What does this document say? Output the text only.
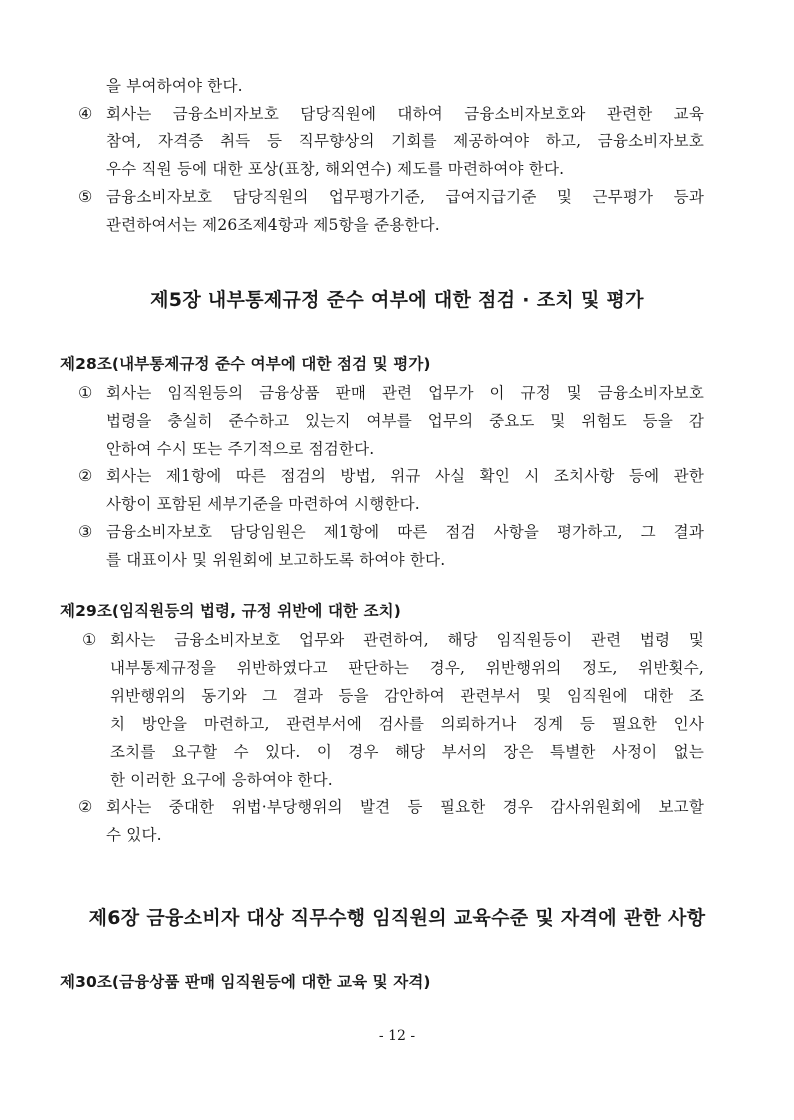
을 부여하여야 한다.
④ 회사는 금융소비자보호 담당직원에 대하여 금융소비자보호와 관련한 교육
참여, 자격증 취득 등 직무향상의 기회를 제공하여야 하고, 금융소비자보호
우수 직원 등에 대한 포상(표창, 해외연수) 제도를 마련하여야 한다.
⑤ 금융소비자보호 담당직원의 업무평가기준, 급여지급기준 및 근무평가 등과
관련하여서는 제26조제4항과 제5항을 준용한다.
제5장 내부통제규정 준수 여부에 대한 점검 · 조치 및 평가
제28조(내부통제규정 준수 여부에 대한 점검 및 평가)
① 회사는 임직원등의 금융상품 판매 관련 업무가 이 규정 및 금융소비자보호
법령을 충실히 준수하고 있는지 여부를 업무의 중요도 및 위험도 등을 감
안하여 수시 또는 주기적으로 점검한다.
② 회사는 제1항에 따른 점검의 방법, 위규 사실 확인 시 조치사항 등에 관한
사항이 포함된 세부기준을 마련하여 시행한다.
③ 금융소비자보호 담당임원은 제1항에 따른 점검 사항을 평가하고, 그 결과
를 대표이사 및 위원회에 보고하도록 하여야 한다.
제29조(임직원등의 법령, 규정 위반에 대한 조치)
① 회사는 금융소비자보호 업무와 관련하여, 해당 임직원등이 관련 법령 및
내부통제규정을 위반하였다고 판단하는 경우, 위반행위의 정도, 위반횟수,
위반행위의 동기와 그 결과 등을 감안하여 관련부서 및 임직원에 대한 조
치 방안을 마련하고, 관련부서에 검사를 의뢰하거나 징계 등 필요한 인사
조치를 요구할 수 있다. 이 경우 해당 부서의 장은 특별한 사정이 없는
한 이러한 요구에 응하여야 한다.
② 회사는 중대한 위법·부당행위의 발견 등 필요한 경우 감사위원회에 보고할
수 있다.
제6장 금융소비자 대상 직무수행 임직원의 교육수준 및 자격에 관한 사항
제30조(금융상품 판매 임직원등에 대한 교육 및 자격)
- 12 -
